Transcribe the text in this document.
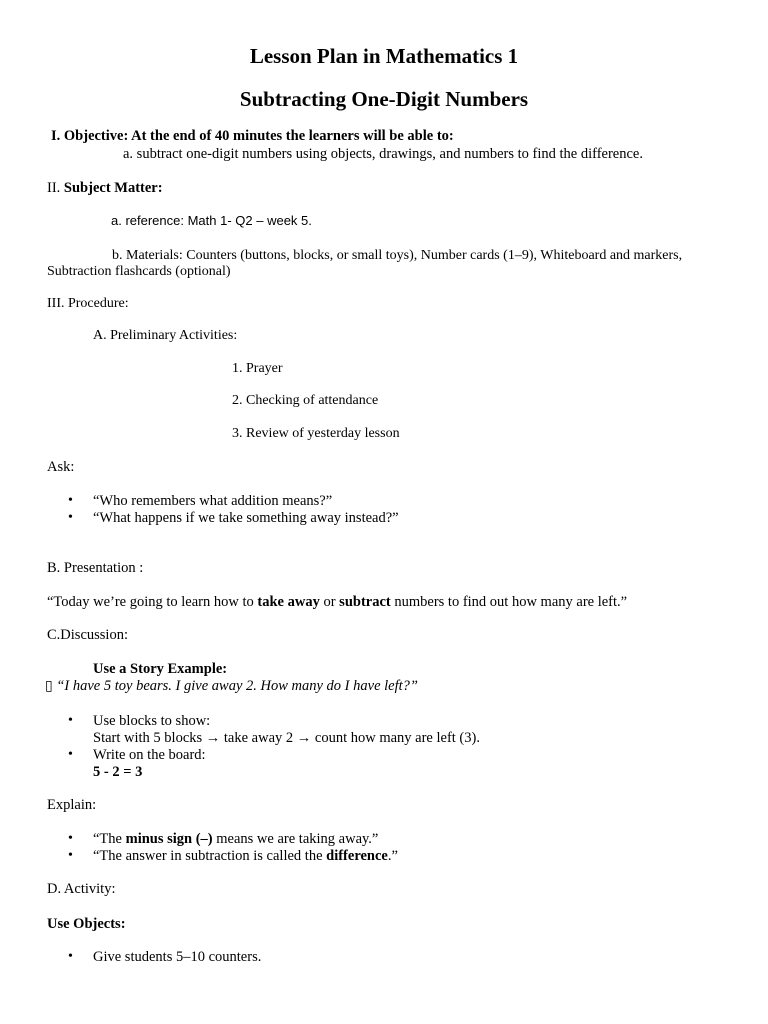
Lesson Plan in Mathematics 1
Subtracting One-Digit Numbers
I. Objective: At the end of 40 minutes the learners will be able to:
a. subtract one-digit numbers using objects, drawings, and numbers to find the difference.
II. Subject Matter:
a. reference: Math 1- Q2 – week 5.
b. Materials: Counters (buttons, blocks, or small toys), Number cards (1–9), Whiteboard and markers,
Subtraction flashcards (optional)
III. Procedure:
A. Preliminary Activities:
1. Prayer
2. Checking of attendance
3. Review of yesterday lesson
Ask:
• “Who remembers what addition means?”
• “What happens if we take something away instead?”
B. Presentation :
“Today we’re going to learn how to take away or subtract numbers to find out how many are left.”
C.Discussion:
Use a Story Example:
▯ “I have 5 toy bears. I give away 2. How many do I have left?”
• Use blocks to show:
Start with 5 blocks → take away 2 → count how many are left (3).
• Write on the board:
5 - 2 = 3
Explain:
• “The minus sign (–) means we are taking away.”
• “The answer in subtraction is called the difference.”
D. Activity:
Use Objects:
• Give students 5–10 counters.
